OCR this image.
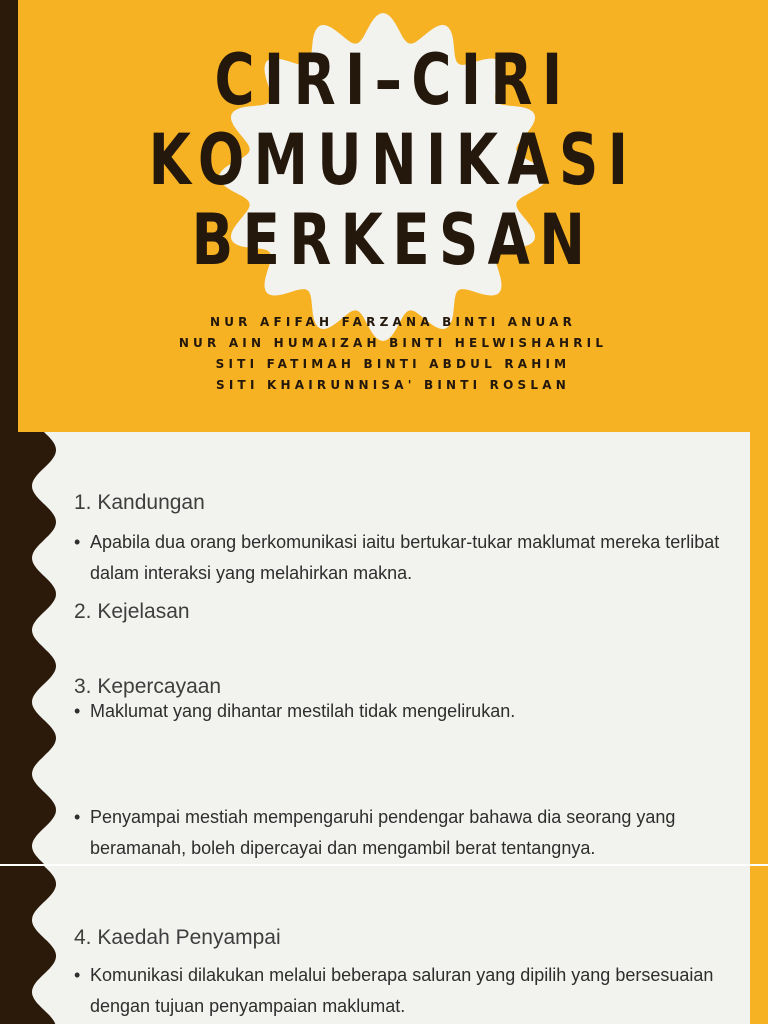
CIRI–CIRI
KOMUNIKASI
BERKESAN
NUR AFIFAH FARZANA BINTI ANUAR
NUR AIN HUMAIZAH BINTI HELWISHAHRIL
SITI FATIMAH BINTI ABDUL RAHIM
SITI KHAIRUNNISA' BINTI ROSLAN
1. Kandungan
• Apabila dua orang berkomunikasi iaitu bertukar-tukar maklumat mereka terlibat dalam interaksi yang melahirkan makna.
2. Kejelasan
• Maklumat yang dihantar mestilah tidak mengelirukan.
3. Kepercayaan
• Penyampai mestiah mempengaruhi pendengar bahawa dia seorang yang beramanah, boleh dipercayai dan mengambil berat tentangnya.
4. Kaedah Penyampai
• Komunikasi dilakukan melalui beberapa saluran yang dipilih yang bersesuaian dengan tujuan penyampaian maklumat.
